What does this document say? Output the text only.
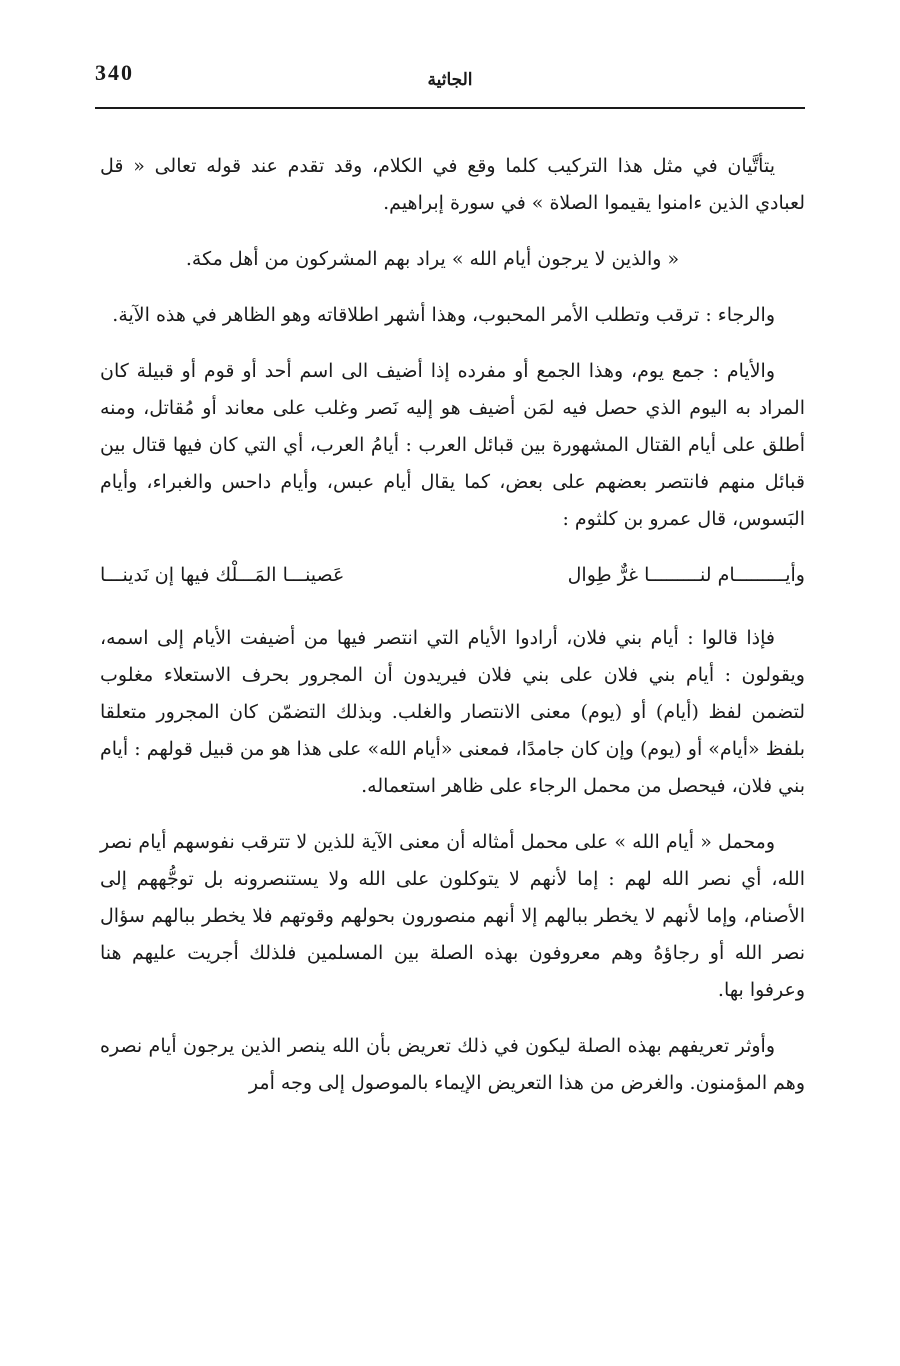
340	الجاثية

يتأتَّيان في مثل هذا التركيب كلما وقع في الكلام، وقد تقدم عند قوله تعالى « قل لعبادي الذين ءامنوا يقيموا الصلاة » في سورة إبراهيم.

« والذين لا يرجون أيام الله » يراد بهم المشركون من أهل مكة.

والرجاء : ترقب وتطلب الأمر المحبوب، وهذا أشهر اطلاقاته وهو الظاهر في هذه الآية.

والأيام : جمع يوم، وهذا الجمع أو مفرده إذا أضيف الى اسم أحد أو قوم أو قبيلة كان المراد به اليوم الذي حصل فيه لمَن أضيف هو إليه نَصر وغلب على معاند أو مُقاتل، ومنه أطلق على أيام القتال المشهورة بين قبائل العرب : أيامُ العرب، أي التي كان فيها قتال بين قبائل منهم فانتصر بعضهم على بعض، كما يقال أيام عبس، وأيام داحس والغبراء، وأيام البَسوس، قال عمرو بن كلثوم :

وأيـــــــــام لنـــــــــا غرٌّ طِوال
عَصينـــا المَـــلْك فيها إن نَدينـــا

فإذا قالوا : أيام بني فلان، أرادوا الأيام التي انتصر فيها من أضيفت الأيام إلى اسمه، ويقولون : أيام بني فلان على بني فلان فيريدون أن المجرور بحرف الاستعلاء مغلوب لتضمن لفظ (أيام) أو (يوم) معنى الانتصار والغلب. وبذلك التضمّن كان المجرور متعلقا بلفظ «أيام» أو (يوم) وإن كان جامدًا، فمعنى «أيام الله» على هذا هو من قبيل قولهم : أيام بني فلان، فيحصل من محمل الرجاء على ظاهر استعماله.

ومحمل « أيام الله » على محمل أمثاله أن معنى الآية للذين لا تترقب نفوسهم أيام نصر الله، أي نصر الله لهم : إما لأنهم لا يتوكلون على الله ولا يستنصرونه بل توجُّههم إلى الأصنام، وإما لأنهم لا يخطر ببالهم إلا أنهم منصورون بحولهم وقوتهم فلا يخطر ببالهم سؤال نصر الله أو رجاؤهُ وهم معروفون بهذه الصلة بين المسلمين فلذلك أجريت عليهم هنا وعرفوا بها.

وأوثر تعريفهم بهذه الصلة ليكون في ذلك تعريض بأن الله ينصر الذين يرجون أيام نصره وهم المؤمنون. والغرض من هذا التعريض الإيماء بالموصول إلى وجه أمر
